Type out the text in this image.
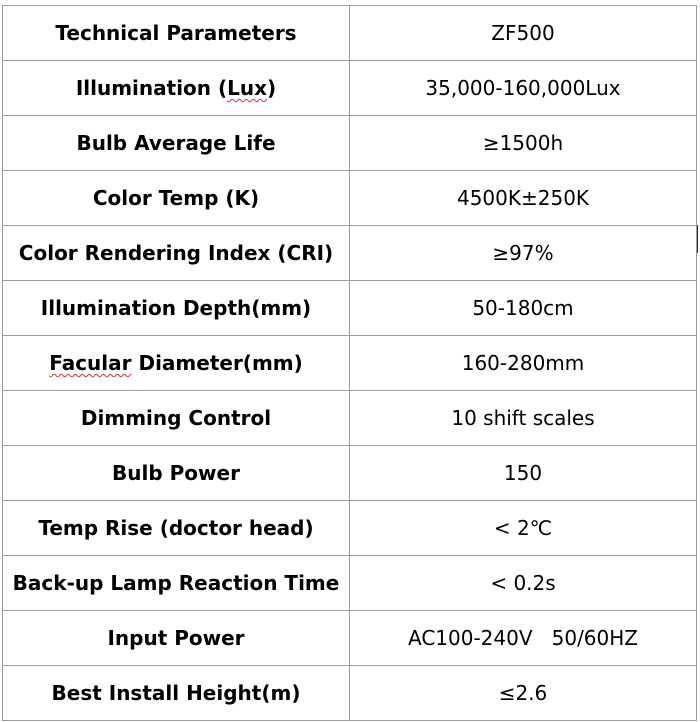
Technical Parameters	ZF500
Illumination (Lux)	35,000-160,000Lux
Bulb Average Life	≥1500h
Color Temp (K)	4500K±250K
Color Rendering Index (CRI)	≥97%
Illumination Depth(mm)	50-180cm
Facular Diameter(mm)	160-280mm
Dimming Control	10 shift scales
Bulb Power	150
Temp Rise (doctor head)	< 2℃
Back-up Lamp Reaction Time	< 0.2s
Input Power	AC100-240V   50/60HZ
Best Install Height(m)	≤2.6
